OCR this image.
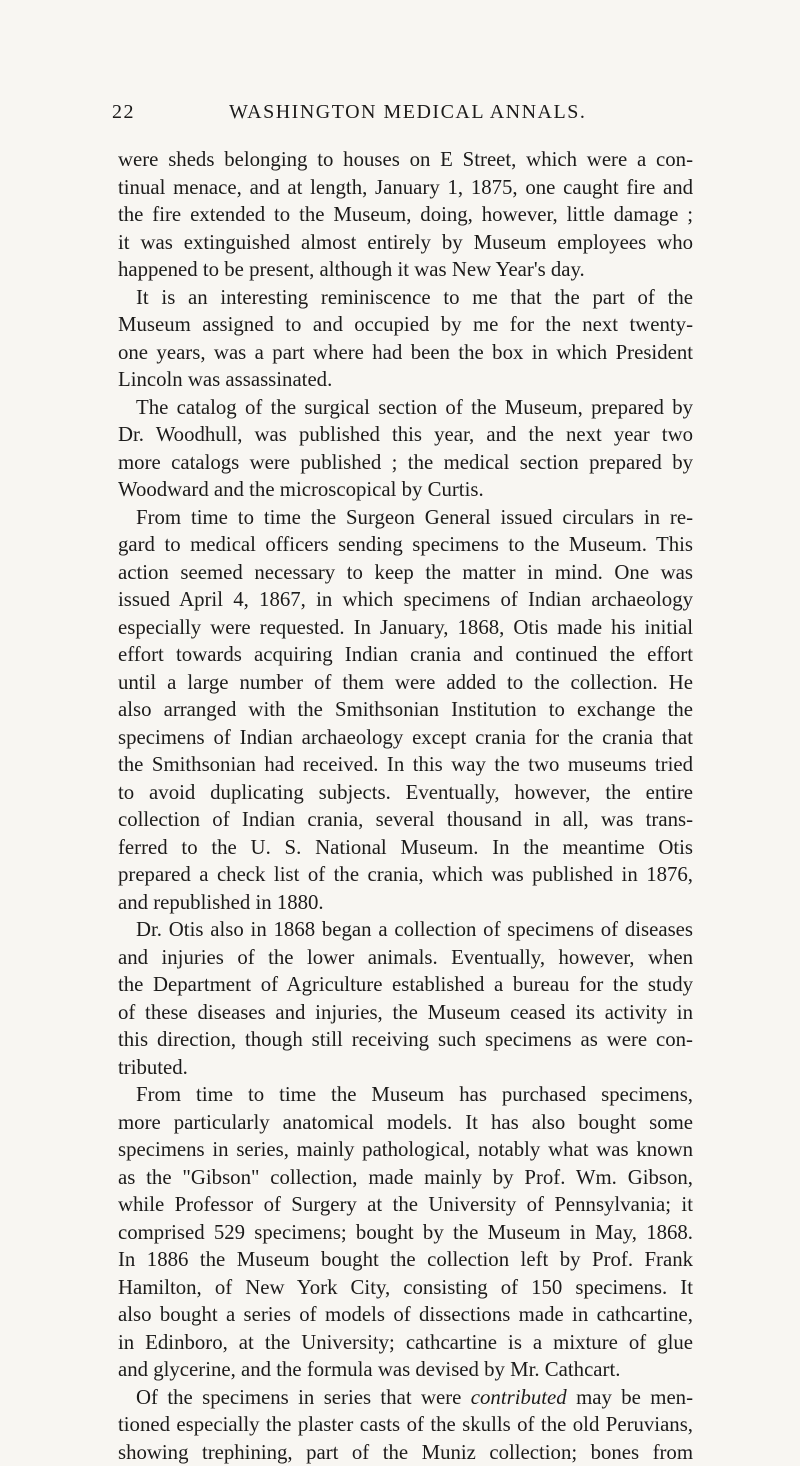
22	WASHINGTON MEDICAL ANNALS.
were sheds belonging to houses on E Street, which were a con-
tinual menace, and at length, January 1, 1875, one caught fire and
the fire extended to the Museum, doing, however, little damage ;
it was extinguished almost entirely by Museum employees who
happened to be present, although it was New Year's day.
It is an interesting reminiscence to me that the part of the
Museum assigned to and occupied by me for the next twenty-
one years, was a part where had been the box in which President
Lincoln was assassinated.
The catalog of the surgical section of the Museum, prepared by
Dr. Woodhull, was published this year, and the next year two
more catalogs were published ; the medical section prepared by
Woodward and the microscopical by Curtis.
From time to time the Surgeon General issued circulars in re-
gard to medical officers sending specimens to the Museum. This
action seemed necessary to keep the matter in mind. One was
issued April 4, 1867, in which specimens of Indian archaeology
especially were requested. In January, 1868, Otis made his initial
effort towards acquiring Indian crania and continued the effort
until a large number of them were added to the collection. He
also arranged with the Smithsonian Institution to exchange the
specimens of Indian archaeology except crania for the crania that
the Smithsonian had received. In this way the two museums tried
to avoid duplicating subjects. Eventually, however, the entire
collection of Indian crania, several thousand in all, was trans-
ferred to the U. S. National Museum. In the meantime Otis
prepared a check list of the crania, which was published in 1876,
and republished in 1880.
Dr. Otis also in 1868 began a collection of specimens of diseases
and injuries of the lower animals. Eventually, however, when
the Department of Agriculture established a bureau for the study
of these diseases and injuries, the Museum ceased its activity in
this direction, though still receiving such specimens as were con-
tributed.
From time to time the Museum has purchased specimens,
more particularly anatomical models. It has also bought some
specimens in series, mainly pathological, notably what was known
as the "Gibson" collection, made mainly by Prof. Wm. Gibson,
while Professor of Surgery at the University of Pennsylvania; it
comprised 529 specimens; bought by the Museum in May, 1868.
In 1886 the Museum bought the collection left by Prof. Frank
Hamilton, of New York City, consisting of 150 specimens. It
also bought a series of models of dissections made in cathcartine,
in Edinboro, at the University; cathcartine is a mixture of glue
and glycerine, and the formula was devised by Mr. Cathcart.
Of the specimens in series that were contributed may be men-
tioned especially the plaster casts of the skulls of the old Peruvians,
showing trephining, part of the Muniz collection; bones from
